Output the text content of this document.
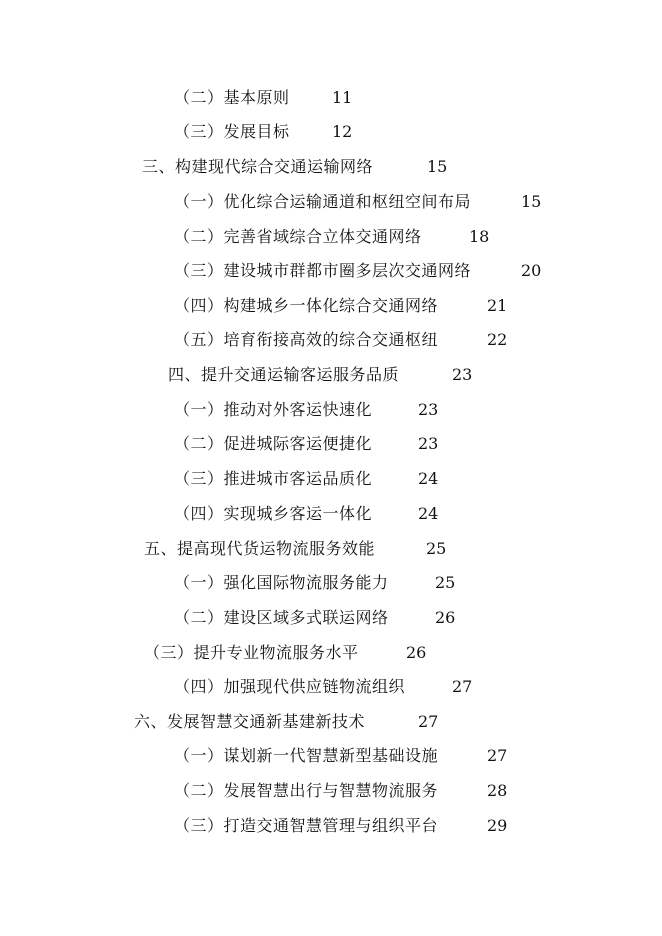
（二）基本原则	11
（三）发展目标	12
三、构建现代综合交通运输网络	15
（一）优化综合运输通道和枢纽空间布局	15
（二）完善省域综合立体交通网络	18
（三）建设城市群都市圈多层次交通网络	20
（四）构建城乡一体化综合交通网络	21
（五）培育衔接高效的综合交通枢纽	22
四、提升交通运输客运服务品质	23
（一）推动对外客运快速化	23
（二）促进城际客运便捷化	23
（三）推进城市客运品质化	24
（四）实现城乡客运一体化	24
五、提高现代货运物流服务效能	25
（一）强化国际物流服务能力	25
（二）建设区域多式联运网络	26
（三）提升专业物流服务水平	26
（四）加强现代供应链物流组织	27
六、发展智慧交通新基建新技术	27
（一）谋划新一代智慧新型基础设施	27
（二）发展智慧出行与智慧物流服务	28
（三）打造交通智慧管理与组织平台	29
